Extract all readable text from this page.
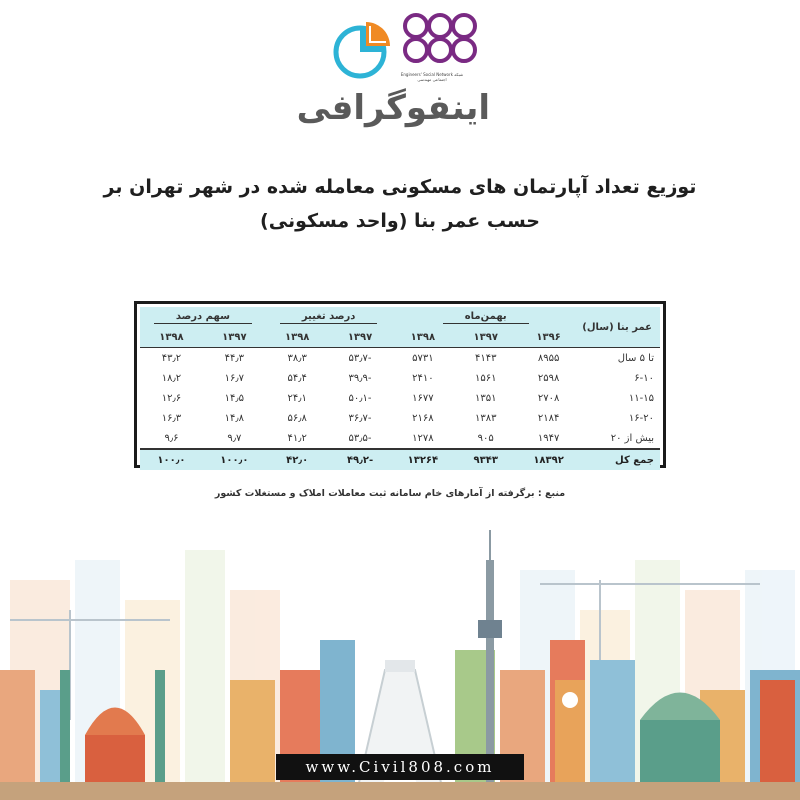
Engineers' Social Network شبکه اجتماعی مهندسی
اینفوگرافی
توزیع تعداد آپارتمان های مسکونی معامله شده در شهر تهران بر
حسب عمر بنا (واحد مسکونی)
عمر بنا (سال)	بهمن‌ماه			درصد تغییر		سهم درصد	
	۱۳۹۶	۱۳۹۷	۱۳۹۸	۱۳۹۷	۱۳۹۸	۱۳۹۷	۱۳۹۸
تا ۵ سال	۸۹۵۵	۴۱۴۳	۵۷۳۱	-۵۳٫۷	۳۸٫۳	۴۴٫۳	۴۳٫۲
۶-۱۰	۲۵۹۸	۱۵۶۱	۲۴۱۰	-۳۹٫۹	۵۴٫۴	۱۶٫۷	۱۸٫۲
۱۱-۱۵	۲۷۰۸	۱۳۵۱	۱۶۷۷	-۵۰٫۱	۲۴٫۱	۱۴٫۵	۱۲٫۶
۱۶-۲۰	۲۱۸۴	۱۳۸۳	۲۱۶۸	-۳۶٫۷	۵۶٫۸	۱۴٫۸	۱۶٫۳
بیش از ۲۰	۱۹۴۷	۹۰۵	۱۲۷۸	-۵۳٫۵	۴۱٫۲	۹٫۷	۹٫۶
جمع کل	۱۸۳۹۲	۹۳۴۳	۱۳۲۶۴	-۴۹٫۲	۴۲٫۰	۱۰۰٫۰	۱۰۰٫۰
منبع : برگرفته از آمارهای خام سامانه ثبت معاملات املاک و مستغلات کشور
www.Civil808.com
